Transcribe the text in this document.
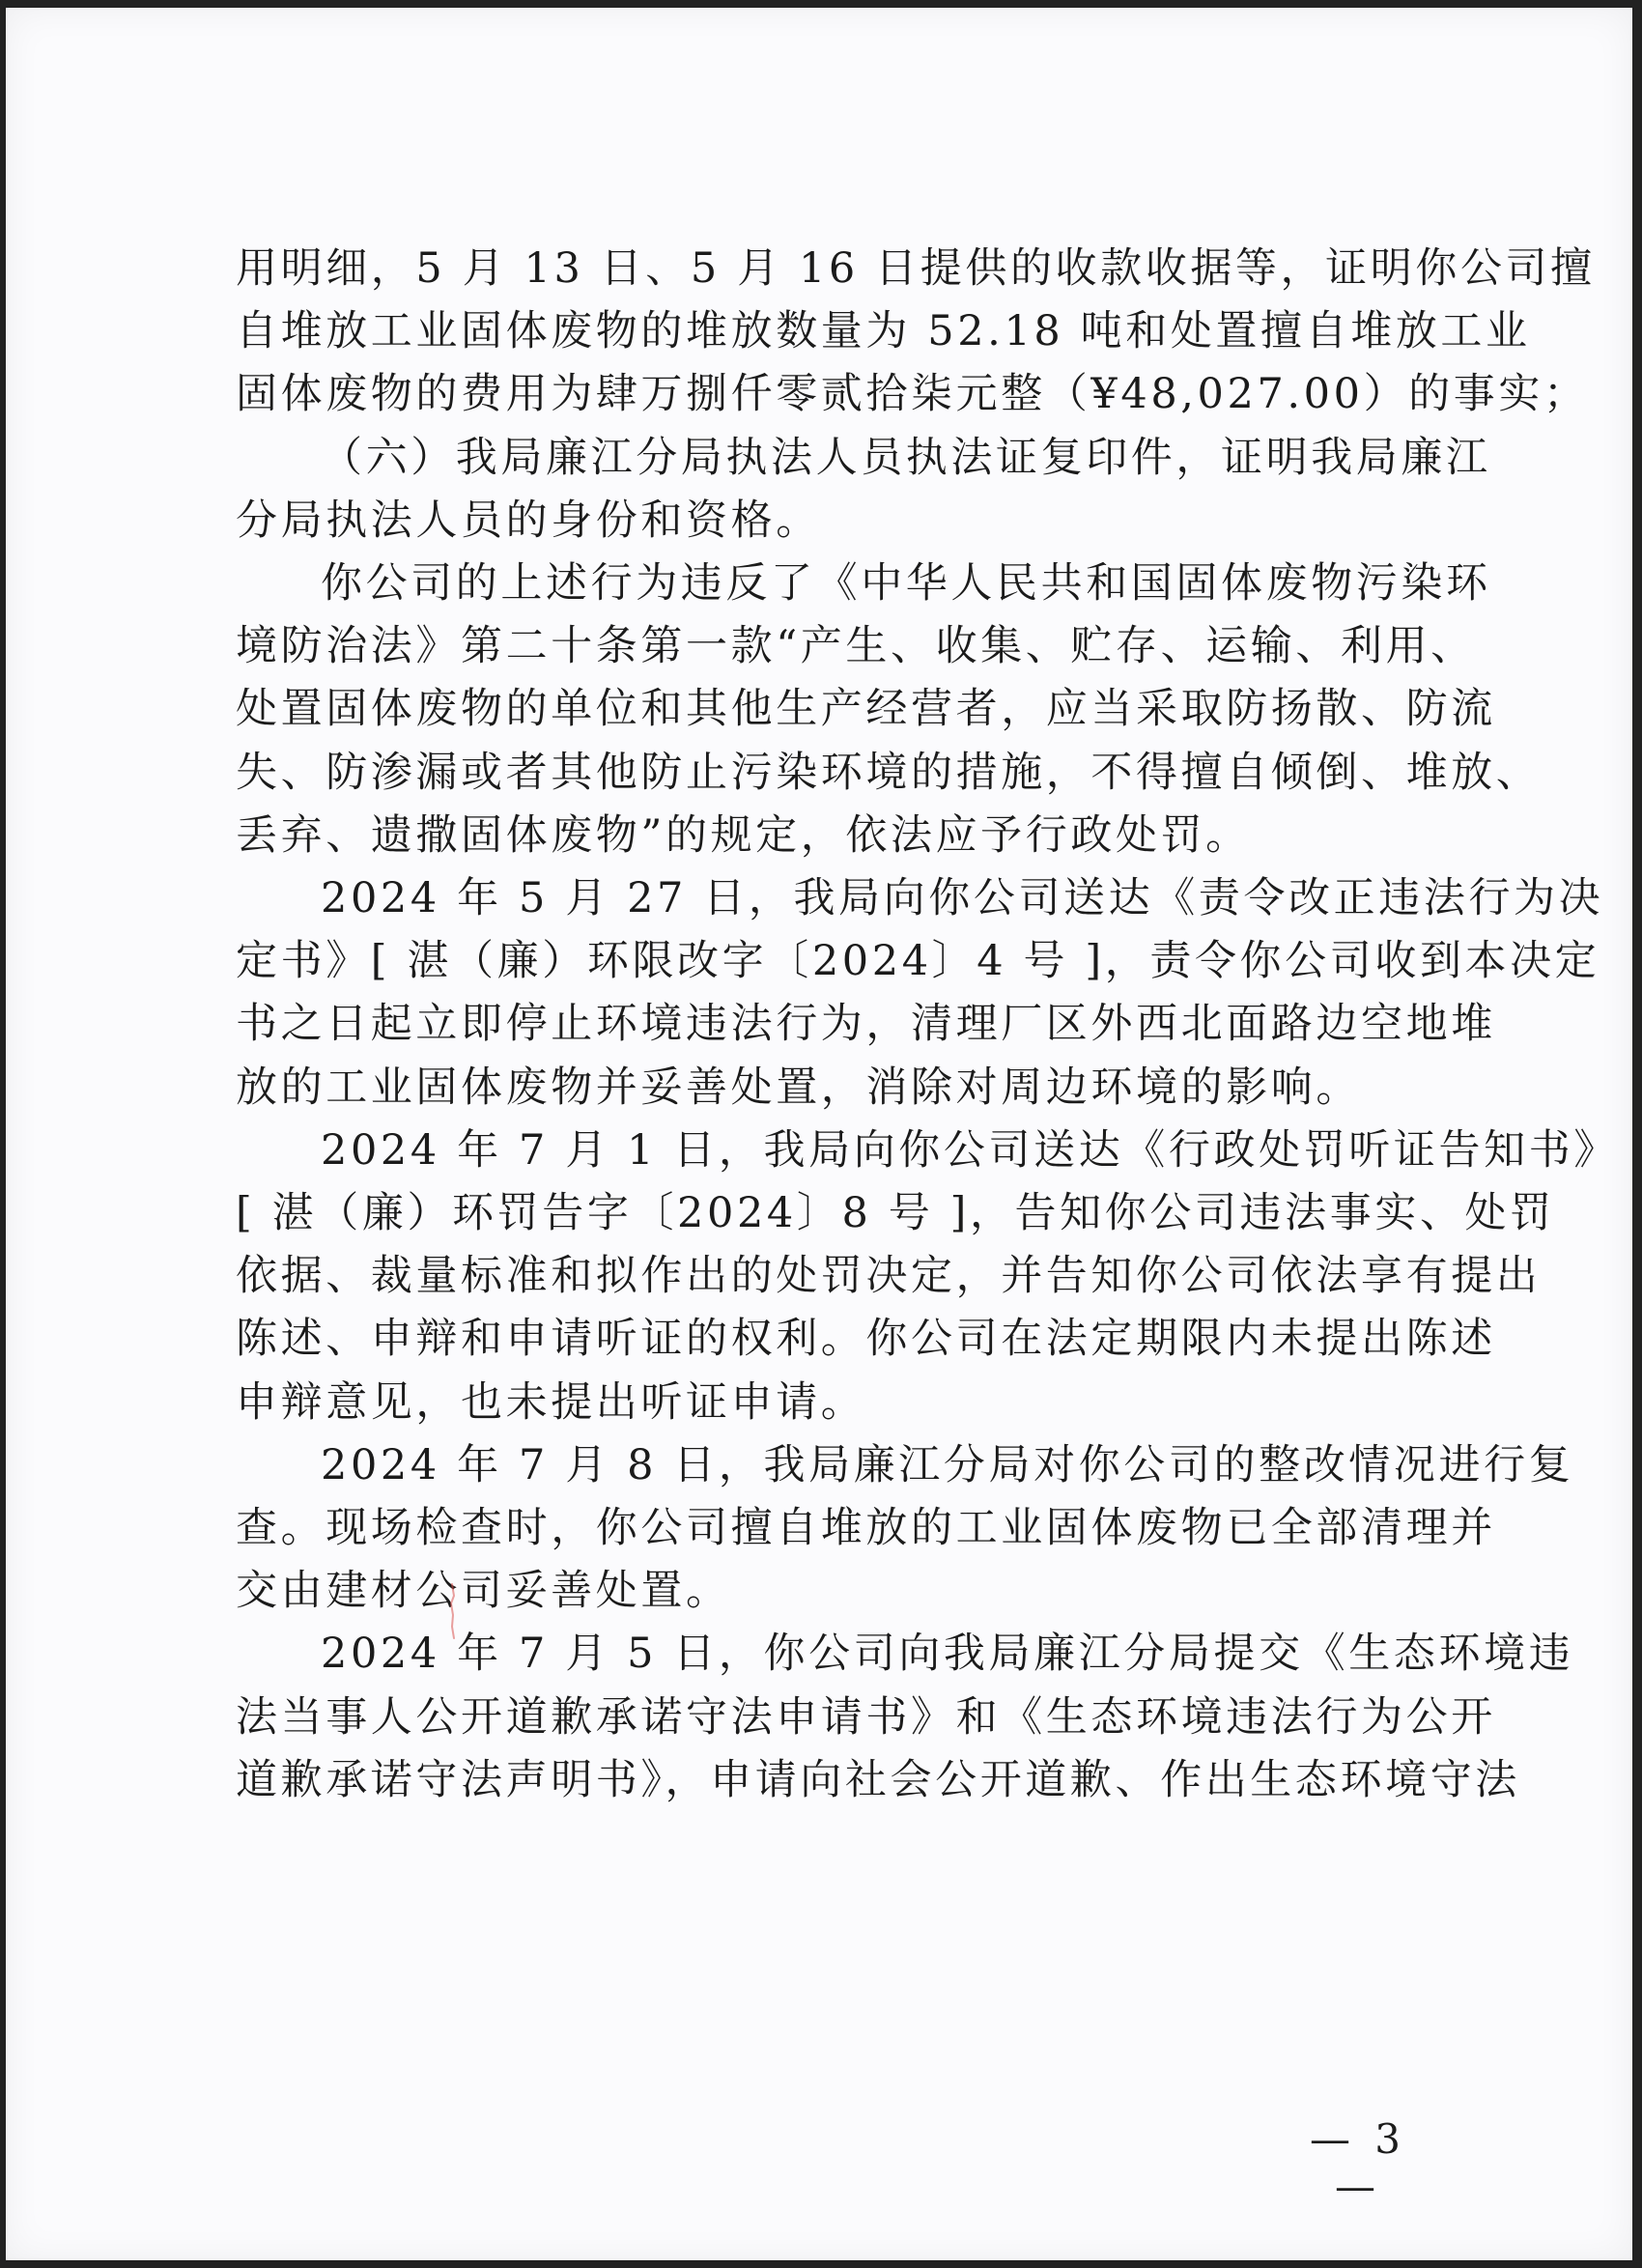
用明细，5 月 13 日、5 月 16 日提供的收款收据等，证明你公司擅
自堆放工业固体废物的堆放数量为 52.18 吨和处置擅自堆放工业
固体废物的费用为肆万捌仟零贰拾柒元整（¥48,027.00）的事实；

（六）我局廉江分局执法人员执法证复印件，证明我局廉江
分局执法人员的身份和资格。

你公司的上述行为违反了《中华人民共和国固体废物污染环
境防治法》第二十条第一款“产生、收集、贮存、运输、利用、
处置固体废物的单位和其他生产经营者，应当采取防扬散、防流
失、防渗漏或者其他防止污染环境的措施，不得擅自倾倒、堆放、
丢弃、遗撒固体废物”的规定，依法应予行政处罚。

2024 年 5 月 27 日，我局向你公司送达《责令改正违法行为决
定书》[ 湛（廉）环限改字〔2024〕4 号 ]，责令你公司收到本决定
书之日起立即停止环境违法行为，清理厂区外西北面路边空地堆
放的工业固体废物并妥善处置，消除对周边环境的影响。

2024 年 7 月 1 日，我局向你公司送达《行政处罚听证告知书》
[ 湛（廉）环罚告字〔2024〕8 号 ]，告知你公司违法事实、处罚
依据、裁量标准和拟作出的处罚决定，并告知你公司依法享有提出
陈述、申辩和申请听证的权利。你公司在法定期限内未提出陈述
申辩意见，也未提出听证申请。

2024 年 7 月 8 日，我局廉江分局对你公司的整改情况进行复
查。现场检查时，你公司擅自堆放的工业固体废物已全部清理并
交由建材公司妥善处置。

2024 年 7 月 5 日，你公司向我局廉江分局提交《生态环境违
法当事人公开道歉承诺守法申请书》和《生态环境违法行为公开
道歉承诺守法声明书》，申请向社会公开道歉、作出生态环境守法

— 3 —
